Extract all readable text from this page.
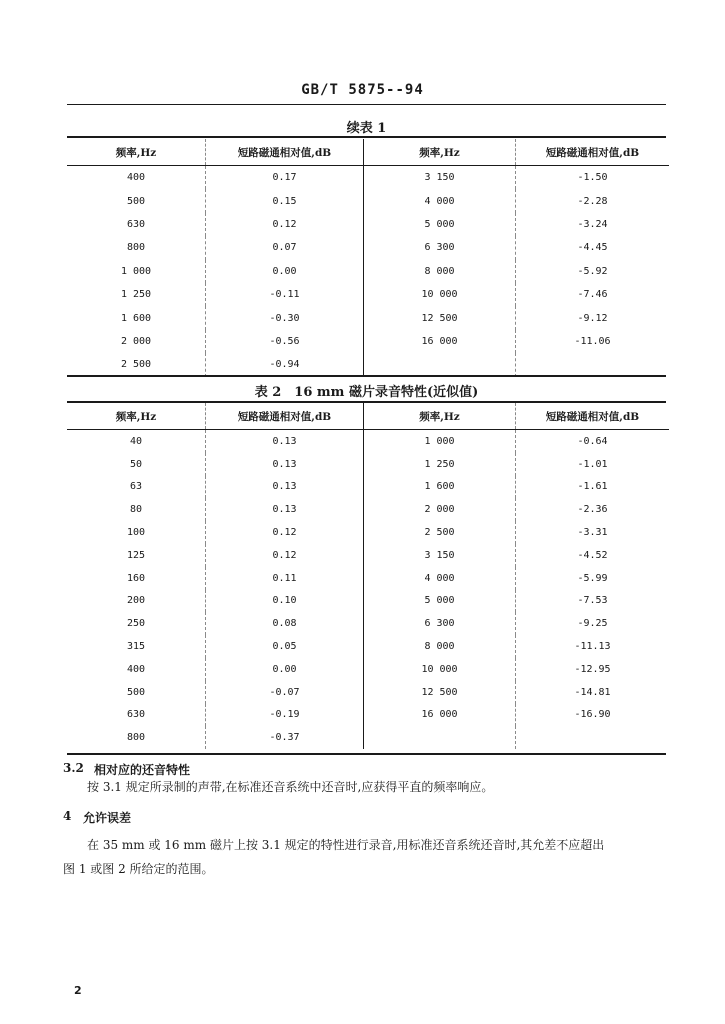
GB/T 5875--94
续表 1
频率,Hz	短路磁通相对值,dB	频率,Hz	短路磁通相对值,dB
400	0.17	3 150	-1.50
500	0.15	4 000	-2.28
630	0.12	5 000	-3.24
800	0.07	6 300	-4.45
1 000	0.00	8 000	-5.92
1 250	-0.11	10 000	-7.46
1 600	-0.30	12 500	-9.12
2 000	-0.56	16 000	-11.06
2 500	-0.94		
表 2　16 mm 磁片录音特性(近似值)
频率,Hz	短路磁通相对值,dB	频率,Hz	短路磁通相对值,dB
40	0.13	1 000	-0.64
50	0.13	1 250	-1.01
63	0.13	1 600	-1.61
80	0.13	2 000	-2.36
100	0.12	2 500	-3.31
125	0.12	3 150	-4.52
160	0.11	4 000	-5.99
200	0.10	5 000	-7.53
250	0.08	6 300	-9.25
315	0.05	8 000	-11.13
400	0.00	10 000	-12.95
500	-0.07	12 500	-14.81
630	-0.19	16 000	-16.90
800	-0.37		
3.2 相对应的还音特性
按 3.1 规定所录制的声带,在标准还音系统中还音时,应获得平直的频率响应。
4 允许误差
在 35 mm 或 16 mm 磁片上按 3.1 规定的特性进行录音,用标准还音系统还音时,其允差不应超出
图 1 或图 2 所给定的范围。
2
